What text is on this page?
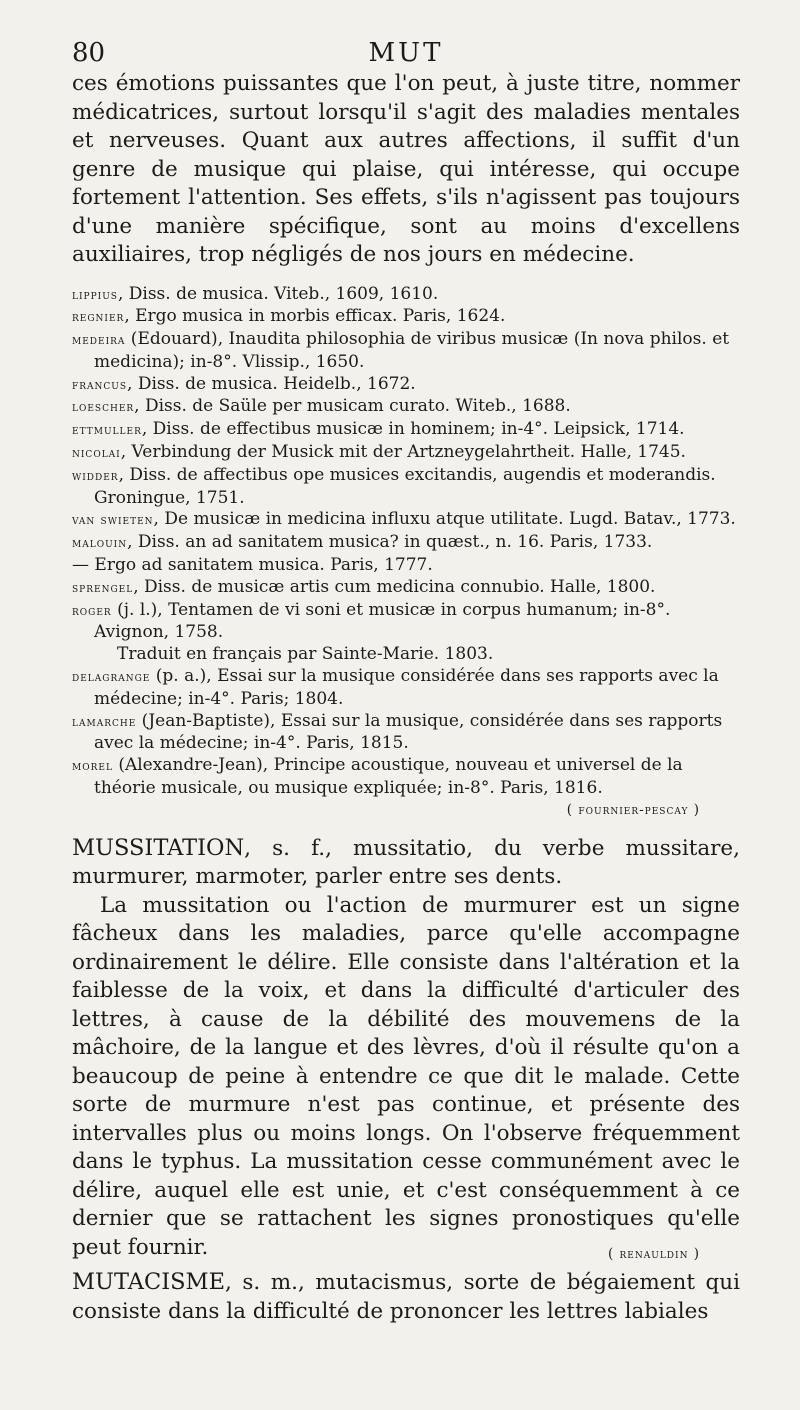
80	MUT

ces émotions puissantes que l'on peut, à juste titre, nommer médicatrices, surtout lorsqu'il s'agit des maladies mentales et nerveuses. Quant aux autres affections, il suffit d'un genre de musique qui plaise, qui intéresse, qui occupe fortement l'attention. Ses effets, s'ils n'agissent pas toujours d'une manière spécifique, sont au moins d'excellens auxiliaires, trop négligés de nos jours en médecine.

lippius, Diss. de musica. Viteb., 1609, 1610.
regnier, Ergo musica in morbis efficax. Paris, 1624.
medeira (Edouard), Inaudita philosophia de viribus musicæ (In nova philos. et medicina); in-8°. Vlissip., 1650.
francus, Diss. de musica. Heidelb., 1672.
loescher, Diss. de Saüle per musicam curato. Witeb., 1688.
ettmuller, Diss. de effectibus musicæ in hominem; in-4°. Leipsick, 1714.
nicolai, Verbindung der Musick mit der Artzneygelahrtheit. Halle, 1745.
widder, Diss. de affectibus ope musices excitandis, augendis et moderandis. Groningue, 1751.
van swieten, De musicæ in medicina influxu atque utilitate. Lugd. Batav., 1773.
malouin, Diss. an ad sanitatem musica? in quæst., n. 16. Paris, 1733.
— Ergo ad sanitatem musica. Paris, 1777.
sprengel, Diss. de musicæ artis cum medicina connubio. Halle, 1800.
roger (j. l.), Tentamen de vi soni et musicæ in corpus humanum; in-8°. Avignon, 1758.
Traduit en français par Sainte-Marie. 1803.
delagrange (p. a.), Essai sur la musique considérée dans ses rapports avec la médecine; in-4°. Paris; 1804.
lamarche (Jean-Baptiste), Essai sur la musique, considérée dans ses rapports avec la médecine; in-4°. Paris, 1815.
morel (Alexandre-Jean), Principe acoustique, nouveau et universel de la théorie musicale, ou musique expliquée; in-8°. Paris, 1816.
( fournier-pescay )

MUSSITATION, s. f., mussitatio, du verbe mussitare, murmurer, marmoter, parler entre ses dents.

La mussitation ou l'action de murmurer est un signe fâcheux dans les maladies, parce qu'elle accompagne ordinairement le délire. Elle consiste dans l'altération et la faiblesse de la voix, et dans la difficulté d'articuler des lettres, à cause de la débilité des mouvemens de la mâchoire, de la langue et des lèvres, d'où il résulte qu'on a beaucoup de peine à entendre ce que dit le malade. Cette sorte de murmure n'est pas continue, et présente des intervalles plus ou moins longs. On l'observe fréquemment dans le typhus. La mussitation cesse communément avec le délire, auquel elle est unie, et c'est conséquemment à ce dernier que se rattachent les signes pronostiques qu'elle peut fournir.	( renauldin )

MUTACISME, s. m., mutacismus, sorte de bégaiement qui consiste dans la difficulté de prononcer les lettres labiales
